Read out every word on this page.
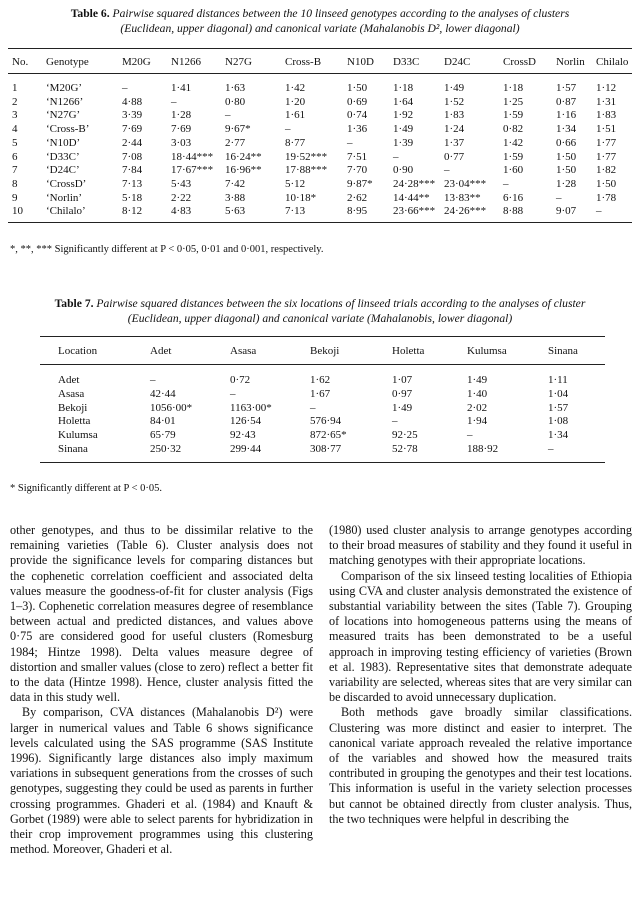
Table 6. Pairwise squared distances between the 10 linseed genotypes according to the analyses of clusters
(Euclidean, upper diagonal) and canonical variate (Mahalanobis D², lower diagonal)
No. Genotype	M20G N1266 N27G	Cross-B N10D D33C D24C	CrossD Norlin Chilalo
1	‘M20G’	–	1·41	1·63	1·42	1·50 1·18	1·49	1·18	1·57 1·12
2	‘N1266’	4·88	–	0·80	1·20	0·69 1·64	1·52	1·25	0·87 1·31
3	‘N27G’	3·39	1·28	–	1·61	0·74 1·92	1·83	1·59	1·16 1·83
4	‘Cross-B’	7·69	7·69	9·67*	–	1·36 1·49	1·24	0·82	1·34 1·51
5	‘N10D’	2·44	3·03	2·77	8·77	–	1·39	1·37	1·42	0·66 1·77
6	‘D33C’	7·08	18·44*** 16·24** 19·52*** 7·51 –	0·77	1·59	1·50 1·77
7	‘D24C’	7·84	17·67*** 16·96** 17·88*** 7·70 0·90	–	1·60	1·50 1·82
8	‘CrossD’	7·13	5·43	7·42	5·12	9·87* 24·28*** 23·04*** –	1·28 1·50
9	‘Norlin’	5·18	2·22	3·88	10·18*	2·62 14·44** 13·83** 6·16	–	1·78
10 ‘Chilalo’	8·12	4·83	5·63	7·13	8·95 23·66*** 24·26*** 8·88	9·07 –
*, **, *** Significantly different at P < 0·05, 0·01 and 0·001, respectively.
Table 7. Pairwise squared distances between the six locations of linseed trials according to the analyses of cluster
(Euclidean, upper diagonal) and canonical variate (Mahalanobis, lower diagonal)
Location	Adet	Asasa	Bekoji	Holetta	Kulumsa	Sinana
Adet	–	0·72	1·62	1·07	1·49	1·11
Asasa	42·44	–	1·67	0·97	1·40	1·04
Bekoji	1056·00*	1163·00*	–	1·49	2·02	1·57
Holetta	84·01	126·54	576·94	–	1·94	1·08
Kulumsa	65·79	92·43	872·65*	92·25	–	1·34
Sinana	250·32	299·44	308·77	52·78	188·92	–
* Significantly different at P < 0·05.

other genotypes, and thus to be dissimilar relative to the remaining varieties (Table 6). Cluster analysis does not provide the significance levels for comparing distances but the cophenetic correlation coefficient and associated delta values measure the goodness-of-fit for cluster analysis (Figs 1–3). Cophenetic correlation measures degree of resemblance between actual and predicted distances, and values above 0·75 are considered good for useful clusters (Romesburg 1984; Hintze 1998). Delta values measure degree of distortion and smaller values (close to zero) reflect a better fit to the data (Hintze 1998). Hence, cluster analysis fitted the data in this study well.

By comparison, CVA distances (Mahalanobis D²) were larger in numerical values and Table 6 shows significance levels calculated using the SAS programme (SAS Institute 1996). Significantly large distances also imply maximum variations in subsequent generations from the crosses of such genotypes, suggesting they could be used as parents in further crossing programmes. Ghaderi et al. (1984) and Knauft & Gorbet (1989) were able to select parents for hybridization in their crop improvement programmes using this clustering method. Moreover, Ghaderi et al.

(1980) used cluster analysis to arrange genotypes according to their broad measures of stability and they found it useful in matching genotypes with their appropriate locations.

Comparison of the six linseed testing localities of Ethiopia using CVA and cluster analysis demonstrated the existence of substantial variability between the sites (Table 7). Grouping of locations into homogeneous patterns using the means of measured traits has been demonstrated to be a useful approach in improving testing efficiency of varieties (Brown et al. 1983). Representative sites that demonstrate adequate variability are selected, whereas sites that are very similar can be discarded to avoid unnecessary duplication.

Both methods gave broadly similar classifications. Clustering was more distinct and easier to interpret. The canonical variate approach revealed the relative importance of the variables and showed how the measured traits contributed in grouping the genotypes and their test locations. This information is useful in the variety selection processes but cannot be obtained directly from cluster analysis. Thus, the two techniques were helpful in describing the
